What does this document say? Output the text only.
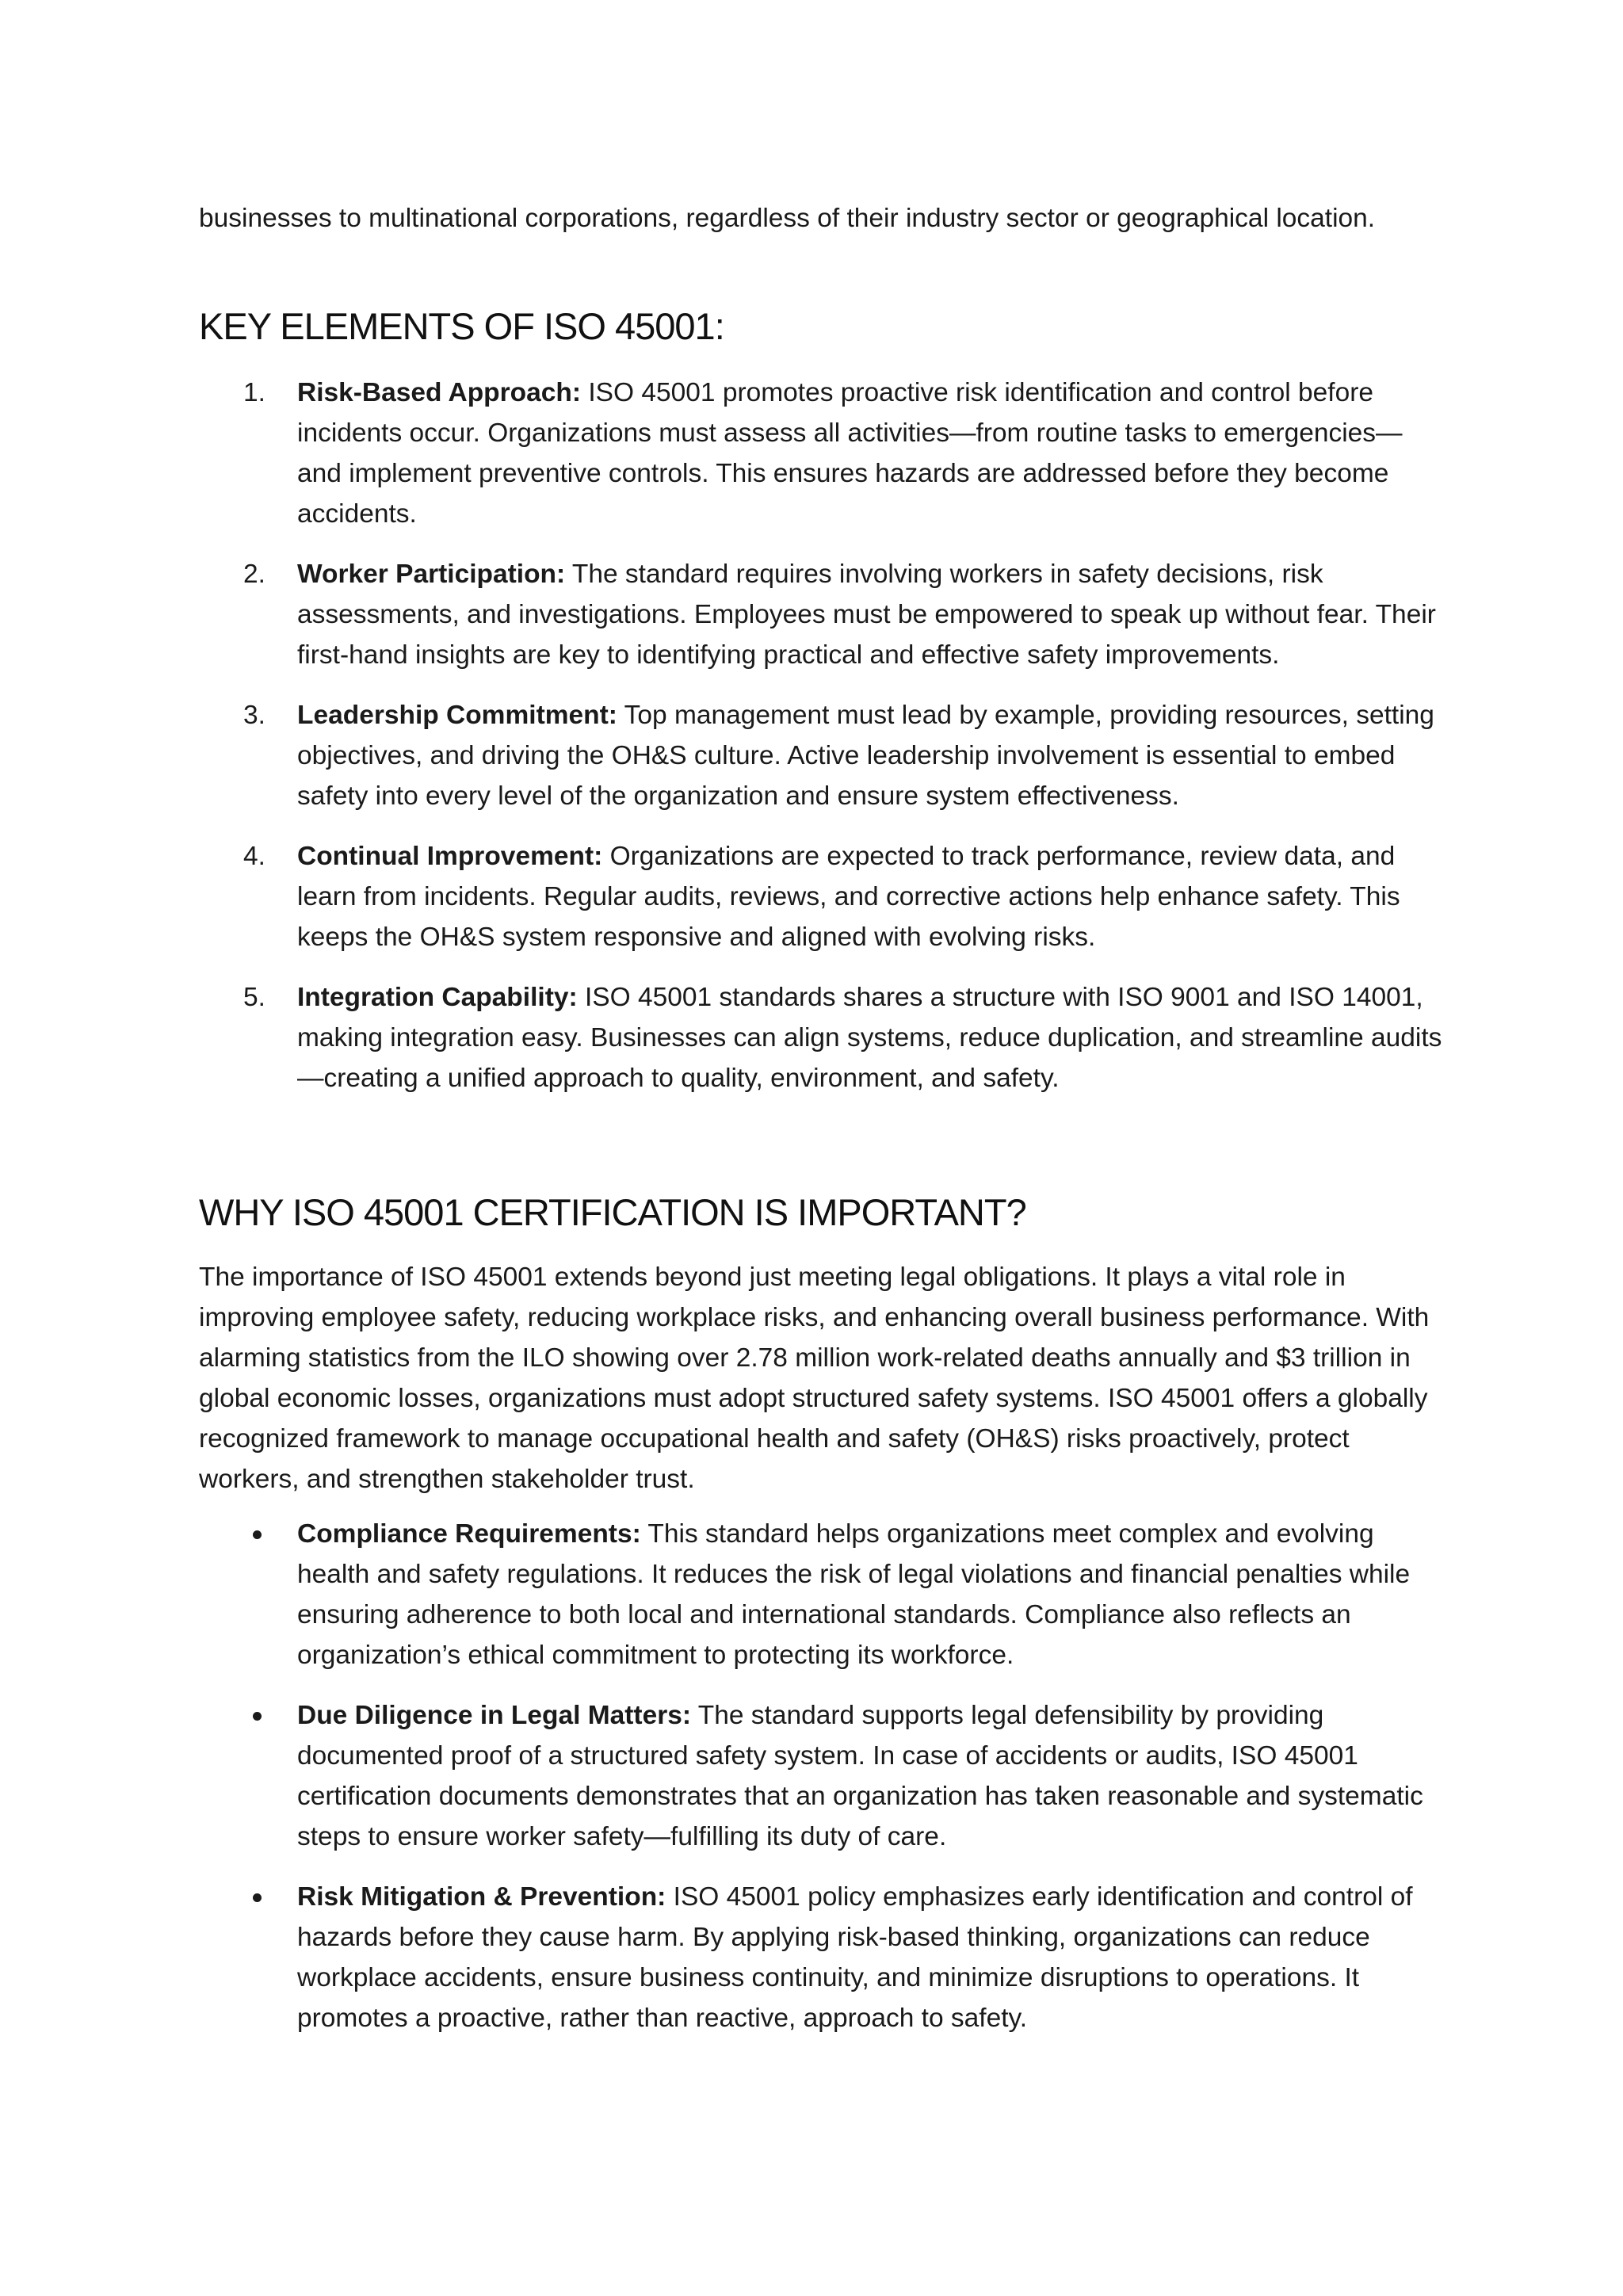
businesses to multinational corporations, regardless of their industry sector or geographical location.

KEY ELEMENTS OF ISO 45001:
1. Risk-Based Approach: ISO 45001 promotes proactive risk identification and control before incidents occur. Organizations must assess all activities—from routine tasks to emergencies—and implement preventive controls. This ensures hazards are addressed before they become accidents.
2. Worker Participation: The standard requires involving workers in safety decisions, risk assessments, and investigations. Employees must be empowered to speak up without fear. Their first-hand insights are key to identifying practical and effective safety improvements.
3. Leadership Commitment: Top management must lead by example, providing resources, setting objectives, and driving the OH&S culture. Active leadership involvement is essential to embed safety into every level of the organization and ensure system effectiveness.
4. Continual Improvement: Organizations are expected to track performance, review data, and learn from incidents. Regular audits, reviews, and corrective actions help enhance safety. This keeps the OH&S system responsive and aligned with evolving risks.
5. Integration Capability: ISO 45001 standards shares a structure with ISO 9001 and ISO 14001, making integration easy. Businesses can align systems, reduce duplication, and streamline audits—creating a unified approach to quality, environment, and safety.
WHY ISO 45001 CERTIFICATION IS IMPORTANT?

The importance of ISO 45001 extends beyond just meeting legal obligations. It plays a vital role in improving employee safety, reducing workplace risks, and enhancing overall business performance. With alarming statistics from the ILO showing over 2.78 million work-related deaths annually and $3 trillion in global economic losses, organizations must adopt structured safety systems. ISO 45001 offers a globally recognized framework to manage occupational health and safety (OH&S) risks proactively, protect workers, and strengthen stakeholder trust.

Compliance Requirements: This standard helps organizations meet complex and evolving health and safety regulations. It reduces the risk of legal violations and financial penalties while ensuring adherence to both local and international standards. Compliance also reflects an organization’s ethical commitment to protecting its workforce.
Due Diligence in Legal Matters: The standard supports legal defensibility by providing documented proof of a structured safety system. In case of accidents or audits, ISO 45001 certification documents demonstrates that an organization has taken reasonable and systematic steps to ensure worker safety—fulfilling its duty of care.
Risk Mitigation & Prevention: ISO 45001 policy emphasizes early identification and control of hazards before they cause harm. By applying risk-based thinking, organizations can reduce workplace accidents, ensure business continuity, and minimize disruptions to operations. It promotes a proactive, rather than reactive, approach to safety.
